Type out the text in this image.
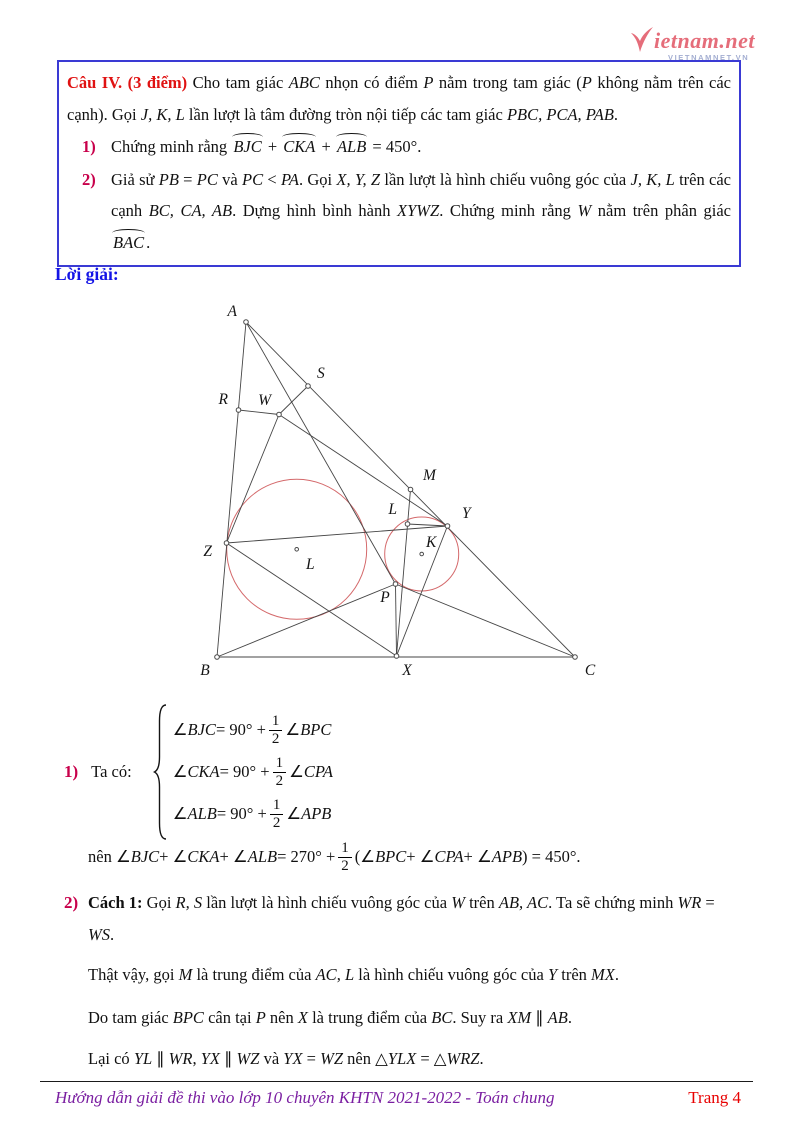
ietnam.net
VIETNAMNET.VN

Câu IV. (3 điểm) Cho tam giác ABC nhọn có điểm P nằm trong tam giác (P không nằm trên các cạnh). Gọi J, K, L lần lượt là tâm đường tròn nội tiếp các tam giác PBC, PCA, PAB.

1) Chứng minh rằng BJC + CKA + ALB = 450°.
2) Giả sử PB = PC và PC < PA. Gọi X, Y, Z lần lượt là hình chiếu vuông góc của J, K, L trên các cạnh BC, CA, AB. Dựng hình bình hành XYWZ. Chứng minh rằng W nằm trên phân giác BAC .
Lời giải:
A
B	C
P
X
Y
Z
W
S
R
M
L
L
K
1) Ta có:
∠ BJC = $90^\circ + \frac{1}{2}$ ∠ BPC
∠ CKA = $90^\circ + \frac{1}{2}$ ∠ CPA
∠ ALB = $90^\circ + \frac{1}{2}$ ∠ APB
nên ∠ BJC + ∠ CKA + ∠ ALB = $270^\circ + \frac{1}{2}$ (∠ BPC + ∠ CPA + ∠ APB ) = 450°.
2) Cách 1: Gọi R, S lần lượt là hình chiếu vuông góc của W trên AB, AC. Ta sẽ chứng minh WR = WS.
Thật vậy, gọi M là trung điểm của AC, L là hình chiếu vuông góc của Y trên MX.
Do tam giác BPC cân tại P nên X là trung điểm của BC. Suy ra XM ∥ AB.
Lại có YL ∥ WR, YX ∥ WZ và YX = WZ nên △YLX = △WRZ.
Hướng dẫn giải đề thi vào lớp 10 chuyên KHTN 2021-2022 - Toán chung	Trang 4
